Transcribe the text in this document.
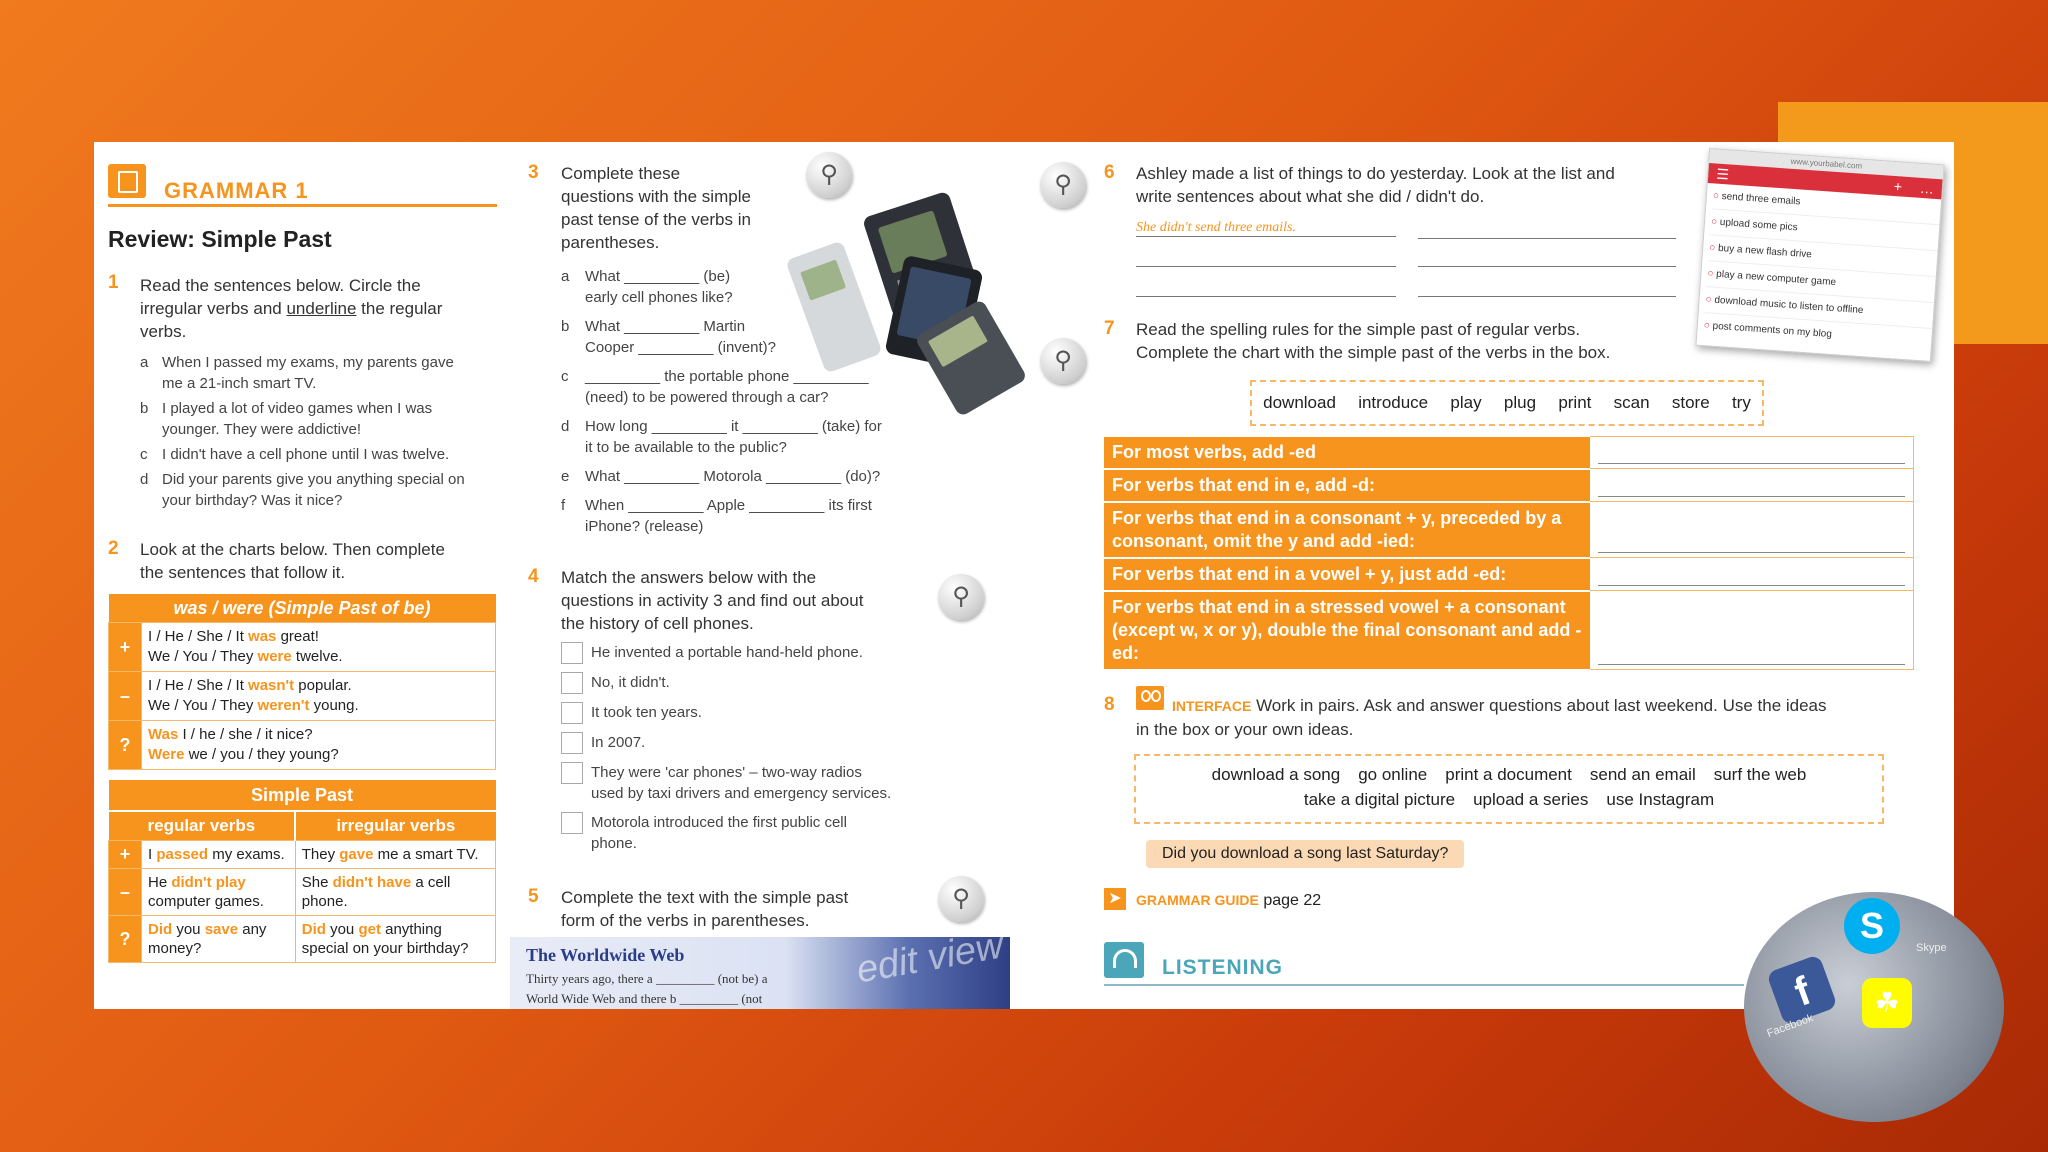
GRAMMAR 1
Review: Simple Past
1 Read the sentences below. Circle the
irregular verbs and underline the regular
verbs.
a When I passed my exams, my parents gave
me a 21-inch smart TV.
b I played a lot of video games when I was
younger. They were addictive!
c I didn't have a cell phone until I was twelve.
d Did your parents give you anything special on
your birthday? Was it nice?
2 Look at the charts below. Then complete
the sentences that follow it.
was / were (Simple Past of be)	
+	I / He / She / It was great!
We / You / They were twelve.

–	I / He / She / It wasn't popular.
We / You / They weren't young.

?	Was I / he / she / it nice?
Were we / you / they young?
Simple Past		
regular verbs		irregular verbs
+	I passed my exams.	They gave me a smart TV.
–	He didn't play computer games.	She didn't have a cell phone.
?	Did you save any money?	Did you get anything special on your birthday?
3 Complete these
questions with the simple
past tense of the verbs in
parentheses.
⚲
a	What _________ (be)
early cell phones like?
b	What _________ Martin
Cooper _________ (invent)?
c	_________ the portable phone _________
(need) to be powered through a car?
d	How long _________ it _________ (take) for
it to be available to the public?
e	What _________ Motorola _________ (do)?
f	When _________ Apple _________ its first
iPhone? (release)
4 Match the answers below with the
questions in activity 3 and find out about
the history of cell phones.
⚲
He invented a portable hand-held phone.
No, it didn't.
It took ten years.
In 2007.
They were 'car phones' – two-way radios
used by taxi drivers and emergency services.
Motorola introduced the first public cell
phone.
5 Complete the text with the simple past
form of the verbs in parentheses.
⚲
The Worldwide Web
Thirty years ago, there a _________ (not be) a
World Wide Web and there b _________ (not
edit view
⚲	6 Ashley made a list of things to do yesterday. Look at the list and
write sentences about what she did / didn't do.
She didn't send three emails.
www.yourbabel.com
☰
+ …
○ send three emails
○ upload some pics
○ buy a new flash drive
○ play a new computer game
○ download music to listen to offline
○ post comments on my blog
⚲
7 Read the spelling rules for the simple past of regular verbs.
Complete the chart with the simple past of the verbs in the box.
download introduce play plug print scan store try
For most verbs, add -ed	

For verbs that end in e, add -d:	

For verbs that end in a consonant + y, preceded by a consonant, omit the y and add -ied:	

For verbs that end in a vowel + y, just add -ed:	

For verbs that end in a stressed vowel + a consonant (except w, x or y), double the final consonant and add -ed:	
8	INTERFACE Work in pairs. Ask and answer questions about last weekend. Use the ideas
in the box or your own ideas.
download a song go online print a document send an email surf the web
take a digital picture upload a series use Instagram
Did you download a song last Saturday?
➤	GRAMMAR GUIDE page 22
LISTENING
f
Facebook
S
Skype
☘
